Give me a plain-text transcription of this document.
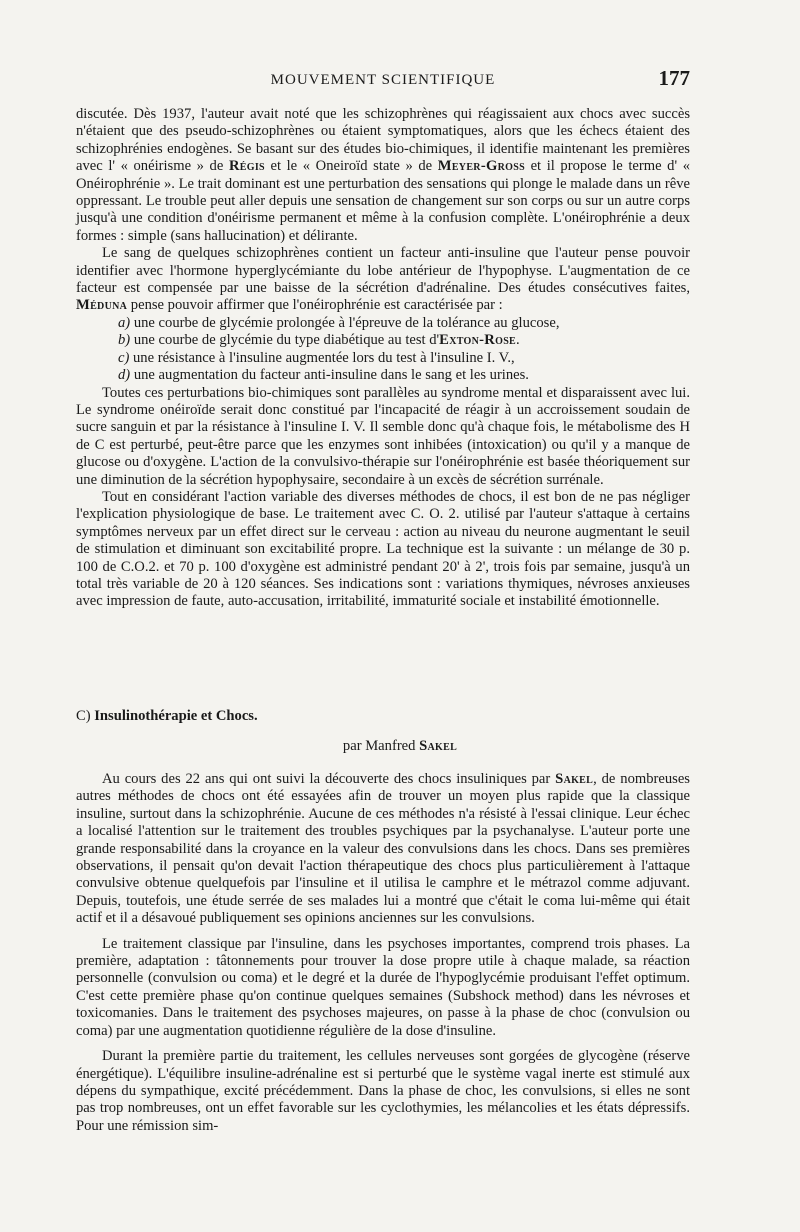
MOUVEMENT SCIENTIFIQUE	177

discutée. Dès 1937, l'auteur avait noté que les schizophrènes qui réagissaient aux chocs avec succès n'étaient que des pseudo-schizophrènes ou étaient symptomatiques, alors que les échecs étaient des schizophrénies endogènes. Se basant sur des études bio-chimiques, il identifie maintenant les premières avec l' « onéirisme » de Régis et le « Oneiroïd state » de Meyer-Gross et il propose le terme d' « Onéirophrénie ». Le trait dominant est une perturbation des sensations qui plonge le malade dans un rêve oppressant. Le trouble peut aller depuis une sensation de changement sur son corps ou sur un autre corps jusqu'à une condition d'onéirisme permanent et même à la confusion complète. L'onéirophrénie a deux formes : simple (sans hallucination) et délirante.

Le sang de quelques schizophrènes contient un facteur anti-insuline que l'auteur pense pouvoir identifier avec l'hormone hyperglycémiante du lobe antérieur de l'hypophyse. L'augmentation de ce facteur est compensée par une baisse de la sécrétion d'adrénaline. Des études consécutives faites, Méduna pense pouvoir affirmer que l'onéirophrénie est caractérisée par :

a) une courbe de glycémie prolongée à l'épreuve de la tolérance au glucose,

b) une courbe de glycémie du type diabétique au test d'Exton-Rose.

c) une résistance à l'insuline augmentée lors du test à l'insuline I. V.,

d) une augmentation du facteur anti-insuline dans le sang et les urines.

Toutes ces perturbations bio-chimiques sont parallèles au syndrome mental et disparaissent avec lui. Le syndrome onéiroïde serait donc constitué par l'incapacité de réagir à un accroissement soudain de sucre sanguin et par la résistance à l'insuline I. V. Il semble donc qu'à chaque fois, le métabolisme des H de C est perturbé, peut-être parce que les enzymes sont inhibées (intoxication) ou qu'il y a manque de glucose ou d'oxygène. L'action de la convulsivo-thérapie sur l'onéirophrénie est basée théoriquement sur une diminution de la sécrétion hypophysaire, secondaire à un excès de sécrétion surrénale.

Tout en considérant l'action variable des diverses méthodes de chocs, il est bon de ne pas négliger l'explication physiologique de base. Le traitement avec C. O. 2. utilisé par l'auteur s'attaque à certains symptômes nerveux par un effet direct sur le cerveau : action au niveau du neurone augmentant le seuil de stimulation et diminuant son excitabilité propre. La technique est la suivante : un mélange de 30 p. 100 de C.O.2. et 70 p. 100 d'oxygène est administré pendant 20' à 2', trois fois par semaine, jusqu'à un total très variable de 20 à 120 séances. Ses indications sont : variations thymiques, névroses anxieuses avec impression de faute, auto-accusation, irritabilité, immaturité sociale et instabilité émotionnelle.

C) Insulinothérapie et Chocs.
par Manfred Sakel

Au cours des 22 ans qui ont suivi la découverte des chocs insuliniques par Sakel, de nombreuses autres méthodes de chocs ont été essayées afin de trouver un moyen plus rapide que la classique insuline, surtout dans la schizophrénie. Aucune de ces méthodes n'a résisté à l'essai clinique. Leur échec a localisé l'attention sur le traitement des troubles psychiques par la psychanalyse. L'auteur porte une grande responsabilité dans la croyance en la valeur des convulsions dans les chocs. Dans ses premières observations, il pensait qu'on devait l'action thérapeutique des chocs plus particulièrement à l'attaque convulsive obtenue quelquefois par l'insuline et il utilisa le camphre et le métrazol comme adjuvant. Depuis, toutefois, une étude serrée de ses malades lui a montré que c'était le coma lui-même qui était actif et il a désavoué publiquement ses opinions anciennes sur les convulsions.

Le traitement classique par l'insuline, dans les psychoses importantes, comprend trois phases. La première, adaptation : tâtonnements pour trouver la dose propre utile à chaque malade, sa réaction personnelle (convulsion ou coma) et le degré et la durée de l'hypoglycémie produisant l'effet optimum. C'est cette première phase qu'on continue quelques semaines (Subshock method) dans les névroses et toxicomanies. Dans le traitement des psychoses majeures, on passe à la phase de choc (convulsion ou coma) par une augmentation quotidienne régulière de la dose d'insuline.

Durant la première partie du traitement, les cellules nerveuses sont gorgées de glycogène (réserve énergétique). L'équilibre insuline-adrénaline est si perturbé que le système vagal inerte est stimulé aux dépens du sympathique, excité précédemment. Dans la phase de choc, les convulsions, si elles ne sont pas trop nombreuses, ont un effet favorable sur les cyclothymies, les mélancolies et les états dépressifs. Pour une rémission sim-
